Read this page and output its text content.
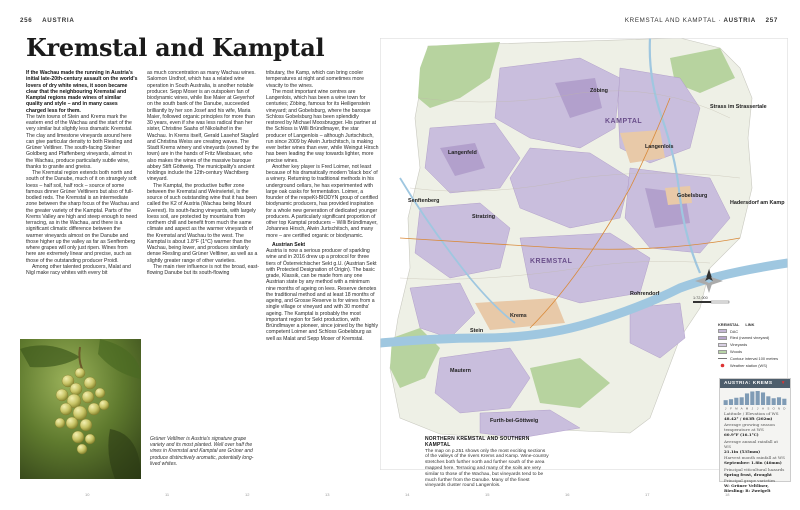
256 AUSTRIA	KREMSTAL AND KAMPTAL · AUSTRIA 257
Kremstal and Kamptal

If the Wachau made the running in Austria's initial late-20th-century assault on the world's lovers of dry white wines, it soon became clear that the neighbouring Kremstal and Kamptal regions made wines of similar quality and style – and in many cases charged less for them.

The twin towns of Stein and Krems mark the eastern end of the Wachau and the start of the very similar but slightly less dramatic Kremstal. The clay and limestone vineyards around here can give particular density to both Riesling and Grüner Veltliner. The south-facing Steiner Goldberg and Pfaffenberg vineyards, almost in the Wachau, produce particularly subtle wine, thanks to granite and gneiss.

The Kremstal region extends both north and south of the Danube, much of it on strangely soft loess – half soil, half rock – source of some famous dinner Grüner Veltliners but also of full-bodied reds. The Kremstal is an intermediate zone between the sharp focus of the Wachau and the greater variety of the Kamptal. Parts of the Krems Valley are high and steep enough to need terracing, as in the Wachau, and there is a significant climatic difference between the warmer vineyards almost on the Danube and those higher up the valley as far as Senftenberg where grapes will only just ripen. Wines from here are extremely linear and precise, such as those of the outstanding producer Proidl.

Among other talented producers, Malat and Nigl make racy whites with every bit

as much concentration as many Wachau wines. Salomon Undhof, which has a related wine operation in South Australia, is another notable producer. Sepp Moser is an outspoken fan of biodynamic wines, while Ilse Maier at Geyerhof on the south bank of the Danube, succeeded brilliantly by her son Josef and his wife, Maria Maier, followed organic principles for more than 30 years, even if she was less radical than her sister, Christine Saahs of Nikolaihof in the Wachau. In Krems itself, Gerald Lasehof Stagård and Christina Weiss are creating waves. The Stadt Krems winery and vineyards (owned by the town) are in the hands of Fritz Miesbauer, who also makes the wines of the massive baroque abbey Stift Göttweig. The municipality's ancient holdings include the 12th-century Wachtberg vineyard.

The Kamptal, the productive buffer zone between the Kremstal and Weinviertel, is the source of such outstanding wine that it has been called the K2 of Austria (Wachau being Mount Everest). Its south-facing vineyards, with largely loess soil, are protected by mountains from northern chill and benefit from much the same climate and aspect as the warmer vineyards of the Kremstal and Wachau to the west. The Kamptal is about 1.8°F (1°C) warmer than the Wachau, being lower, and produces similarly dense Riesling and Grüner Veltliner, as well as a slightly greater range of other varieties.

The main river influence is not the broad, east-flowing Danube but its south-flowing

tributary, the Kamp, which can bring cooler temperatures at night and sometimes more vivacity to the wines.

The most important wine centres are Langenlois, which has been a wine town for centuries; Zöbing, famous for its Heiligenstein vineyard; and Gobelsburg, where the baroque Schloss Gobelsburg has been splendidly restored by Michael Moosbrugger. His partner at the Schloss is Willi Bründlmayer, the star producer of Langenlois – although Jurtschitsch, run since 2009 by Alwin Jurtschitsch, is making ever better wines than ever, while Weingut Hirsch has been leading the way towards lighter, more precise wines.

Another key player is Fred Loimer, not least because of his dramatically modern 'black box' of a winery. Returning to traditional methods in his underground cellars, he has experimented with large oak casks for fermentation. Loimer, a founder of the respeKt-BIODYN group of certified biodynamic producers, has provided inspiration for a whole new generation of dedicated younger producers. A particularly significant proportion of other top Kamptal producers – Willi Bründlmayer, Johannes Hirsch, Alwin Jurtschitsch, and many more – are certified organic or biodynamic.

Austrian Sekt

Austria is now a serious producer of sparkling wine and in 2016 drew up a protocol for three tiers of Österreichischer Sekt g.U. (Austrian Sekt with Protected Designation of Origin). The basic grade, Klassik, can be made from any one Austrian state by any method with a minimum nine months of ageing on lees. Reserve denotes the traditional method and at least 18 months of ageing, and Grosse Reserve is for wines from a single village or vineyard and with 30 months' ageing. The Kamptal is probably the most important region for Sekt production, with Bründlmayer a pioneer, since joined by the highly competent Loimer and Schloss Gobelsburg as well as Malat and Sepp Moser of Kremstal.

Grüner Veltliner is Austria's signature grape variety and its most planted. Well over half the vines in Kremstal and Kamptal are Grüner and produce distinctively aromatic, potentially long-lived whites.
Zöbing
Langenlois
Langenfeld
Gobelsburg
Strass im Strassertale
Hadersdorf am Kamp
Stratzing
Rohrendorf
Krems
Stein
Mautern
Furth-bei-Göttweig
Senftenberg
KAMPTAL
KREMSTAL
1:72,000
KREMSTAL LINK
DAC
Ried (named vineyard)
Vineyards
Woods
Contour interval 100 metres
Weather station (WS)
NORTHERN KREMSTAL AND SOUTHERN KAMPTAL
The map on p.251 shows only the most exciting sections of the valleys of the rivers Krems and Kamp. Wine-country stretches both further north and further south of the area mapped here. Terracing and many of the soils are very similar to those of the Wachau, but vineyards tend to be much further from the Danube. Many of the finest vineyards cluster round Langenlois.
AUSTRIA: KREMS ▼
J F M A M J J A S O N D
Latitude / Elevation of WS
48.42° / 663ft (202m)
Average growing season temperature at WS
60.9°F (16.1°C)
Average annual rainfall at WS
21.1in (535mm)
Harvest month rainfall at WS
September: 1.8in (46mm)
Principal viticultural hazards
Spring frost, drought
Principal grape varieties
W: Grüner Veltliner, Riesling; R: Zweigelt
10	11	12	13	14	15	16	17	18
